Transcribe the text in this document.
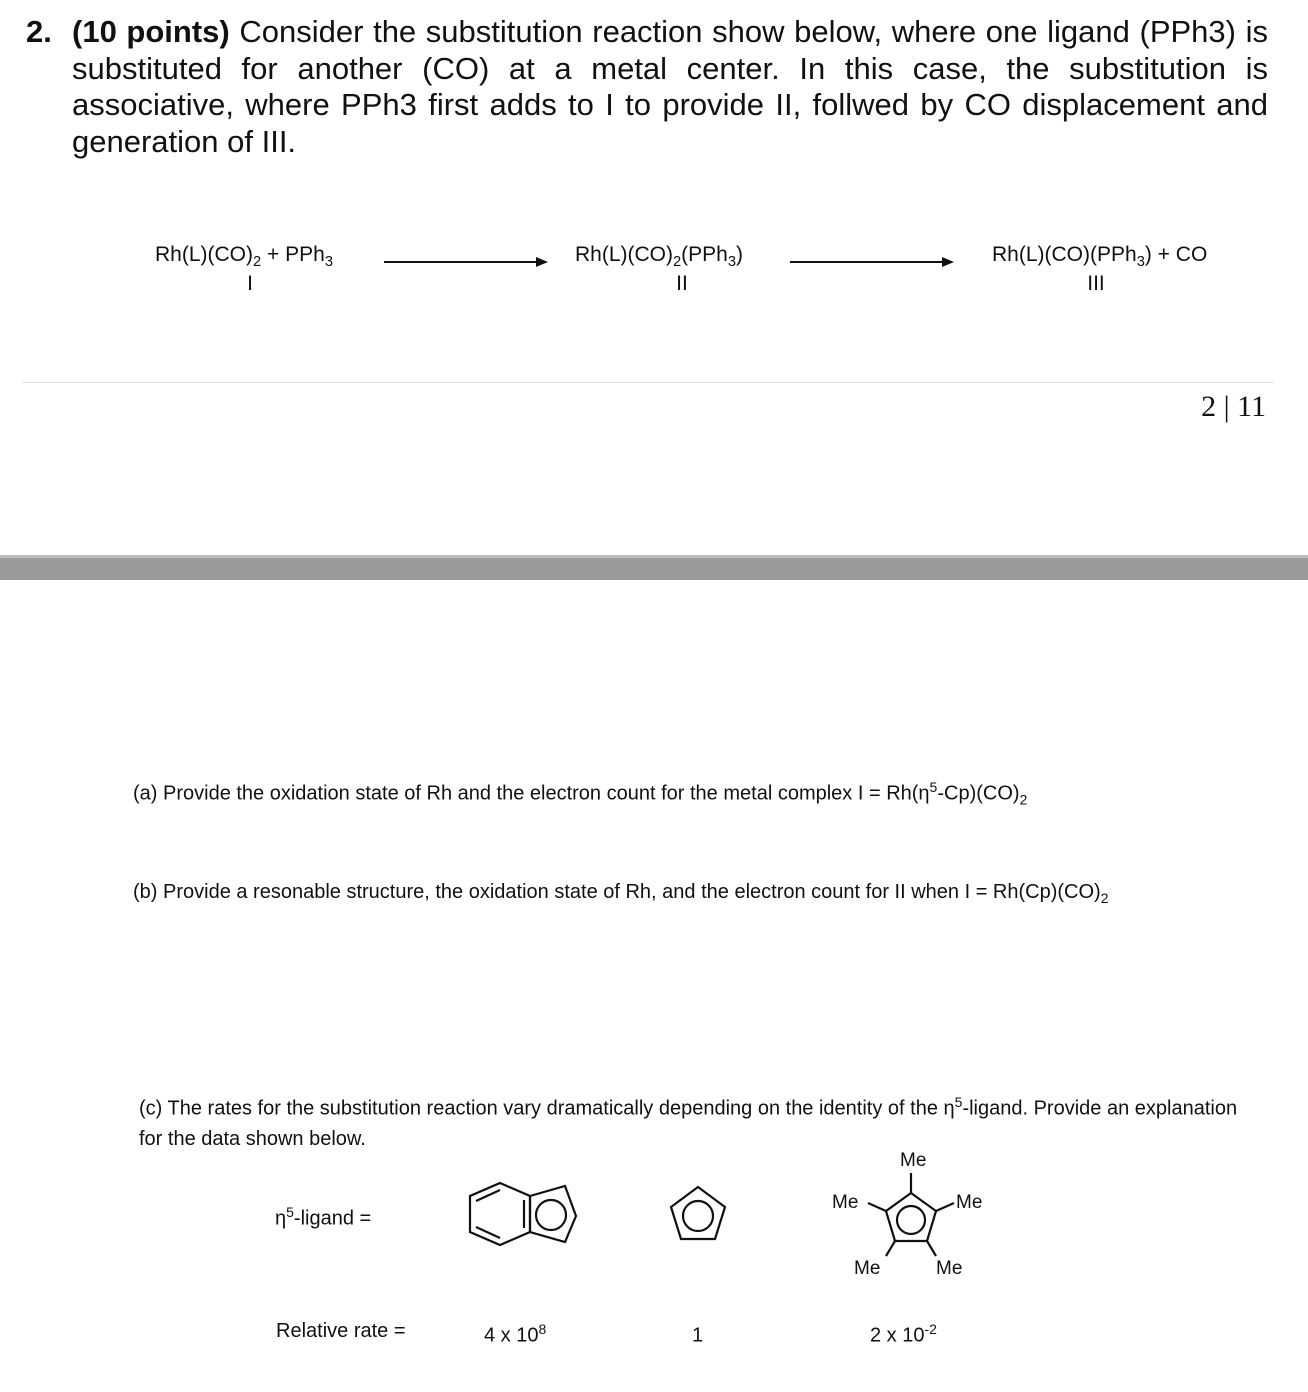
2. (10 points) Consider the substitution reaction show below, where one ligand (PPh3) is substituted for another (CO) at a metal center. In this case, the substitution is associative, where PPh3 first adds to I to provide II, follwed by CO displacement and generation of III.
$Rh(L)(CO)_2 + PPh_3$
I
$Rh(L)(CO)_2(PPh_3)$
II
Rh(L)(CO)(PPh$_3$) + CO
III
2 | 11
(a) Provide the oxidation state of Rh and the electron count for the metal complex $I = Rh(\eta^5-Cp)(CO)_2$
(b) Provide a resonable structure, the oxidation state of Rh, and the electron count for II when $I = Rh(Cp)(CO)_2$
(c) The rates for the substitution reaction vary dramatically depending on the identity of the $\eta^5$-ligand. Provide an explanation for the data shown below.
$\eta^5$-ligand =
Me
Me	Me
Me	Me
Relative rate =	4 x $10^8$	1	2 x $10^{-2}$
